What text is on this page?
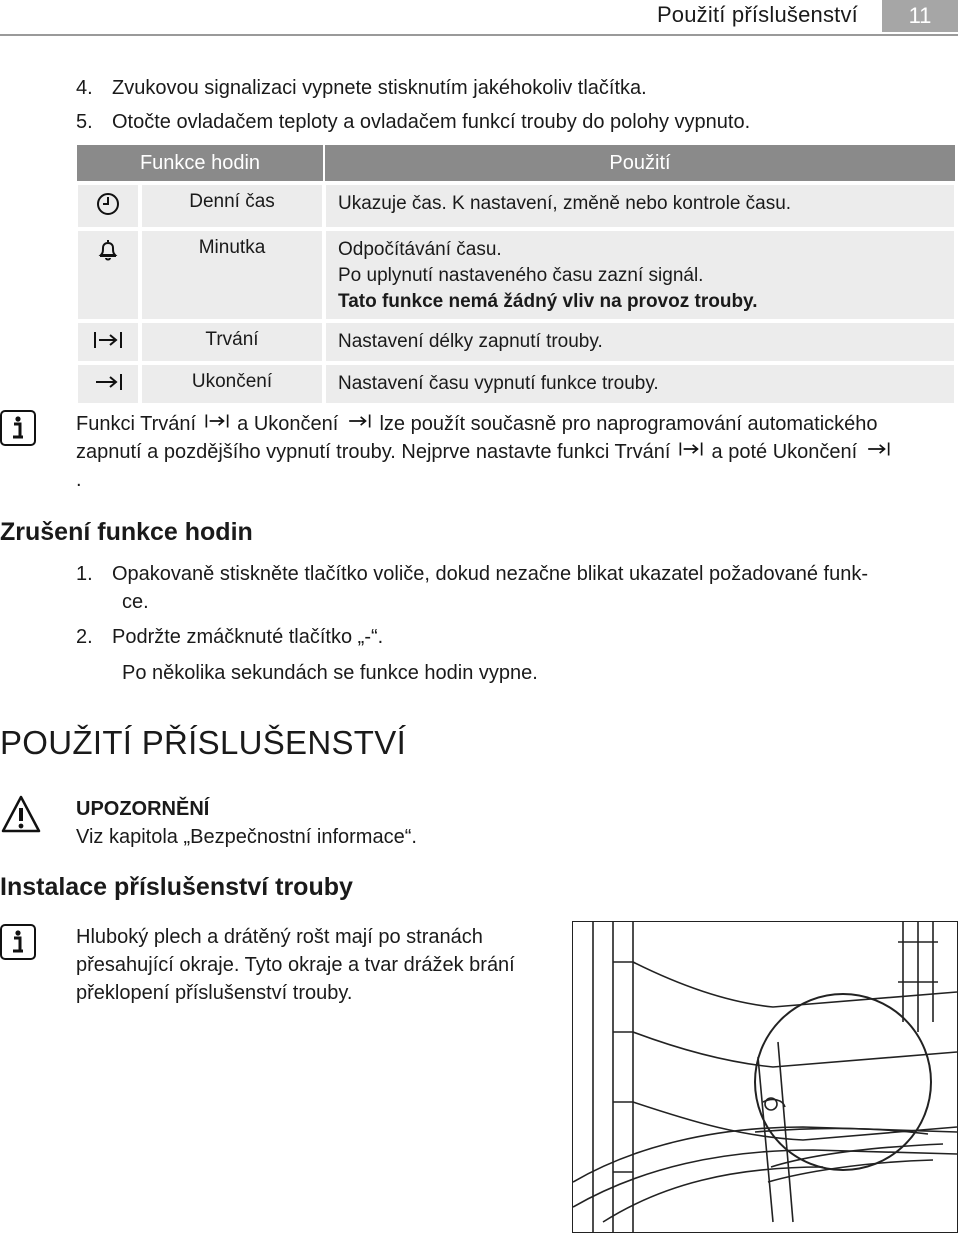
Použití příslušenství	11
4. Zvukovou signalizaci vypnete stisknutím jakéhokoliv tlačítka.
5. Otočte ovladačem teploty a ovladačem funkcí trouby do polohy vypnuto.
Funkce hodin		Použití
	Denní čas	Ukazuje čas. K nastavení, změně nebo kontrole času.

	Minutka	Odpočítávání času.
Po uplynutí nastaveného času zazní signál.
Tato funkce nemá žádný vliv na provoz trouby.

	Trvání	Nastavení délky zapnutí trouby.

	Ukončení	Nastavení času vypnutí funkce trouby.
Funkci Trvání a Ukončení lze použít současně pro naprogramování automatického
zapnutí a pozdějšího vypnutí trouby. Nejprve nastavte funkci Trvání a poté Ukončení
.
Zrušení funkce hodin
1. Opakovaně stiskněte tlačítko voliče, dokud nezačne blikat ukazatel požadované funk-
ce.
2. Podržte zmáčknuté tlačítko „-“.
Po několika sekundách se funkce hodin vypne.
POUŽITÍ PŘÍSLUŠENSTVÍ
UPOZORNĚNÍ
Viz kapitola „Bezpečnostní informace“.
Instalace příslušenství trouby
Hluboký plech a drátěný rošt mají po stranách
přesahující okraje. Tyto okraje a tvar drážek brání
překlopení příslušenství trouby.
